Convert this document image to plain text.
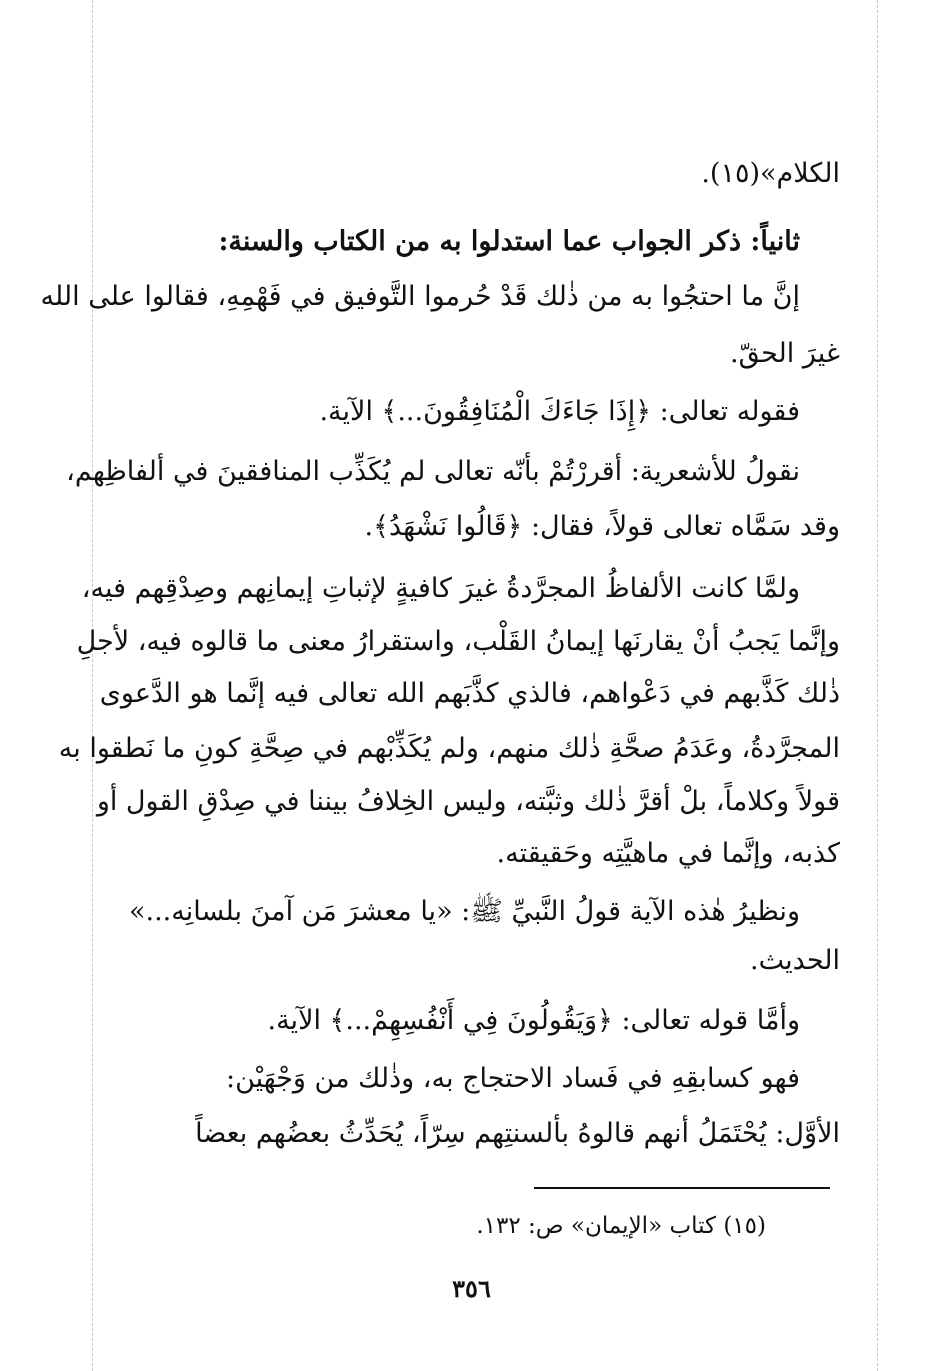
الكلام»(١٥).
ثانياً: ذكر الجواب عما استدلوا به من الكتاب والسنة:
إنَّ ما احتجُوا به من ذٰلك قَدْ حُرموا التَّوفيق في فَهْمِهِ، فقالوا على الله
غيرَ الحقّ.
فقوله تعالى: ﴿إِذَا جَاءَكَ الْمُنَافِقُونَ...﴾ الآية.
نقولُ للأشعرية: أقررْتُمْ بأنّه تعالى لم يُكَذِّب المنافقينَ في ألفاظِهم،
وقد سَمَّاه تعالى قولاً، فقال: ﴿قَالُوا نَشْهَدُ﴾.
ولمَّا كانت الألفاظُ المجرَّدةُ غيرَ كافيةٍ لإثباتِ إيمانِهم وصِدْقِهم فيه،
وإنَّما يَجبُ أنْ يقارنَها إيمانُ القَلْب، واستقرارُ معنى ما قالوه فيه، لأجلِ
ذٰلك كَذَّبهم في دَعْواهم، فالذي كذَّبَهم الله تعالى فيه إنَّما هو الدَّعوى
المجرَّدةُ، وعَدَمُ صحَّةِ ذٰلك منهم، ولم يُكَذِّبْهم في صِحَّةِ كونِ ما نَطقوا به
قولاً وكلاماً، بلْ أقرَّ ذٰلك وثبَّته، وليس الخِلافُ بيننا في صِدْقِ القول أو
كذبه، وإنَّما في ماهيَّتِه وحَقيقته.
ونظيرُ هٰذه الآية قولُ النَّبيِّ ﷺ: «يا معشرَ مَن آمنَ بلسانِه...»
الحديث.
وأمَّا قوله تعالى: ﴿وَيَقُولُونَ فِي أَنْفُسِهِمْ...﴾ الآية.
فهو كسابقِهِ في فَساد الاحتجاج به، وذٰلك من وَجْهَيْن:
الأوَّل: يُحْتَمَلُ أنهم قالوهُ بألسنتِهم سِرّاً، يُحَدِّثُ بعضُهم بعضاً
(١٥) كتاب «الإيمان» ص: ١٣٢.
٣٥٦
